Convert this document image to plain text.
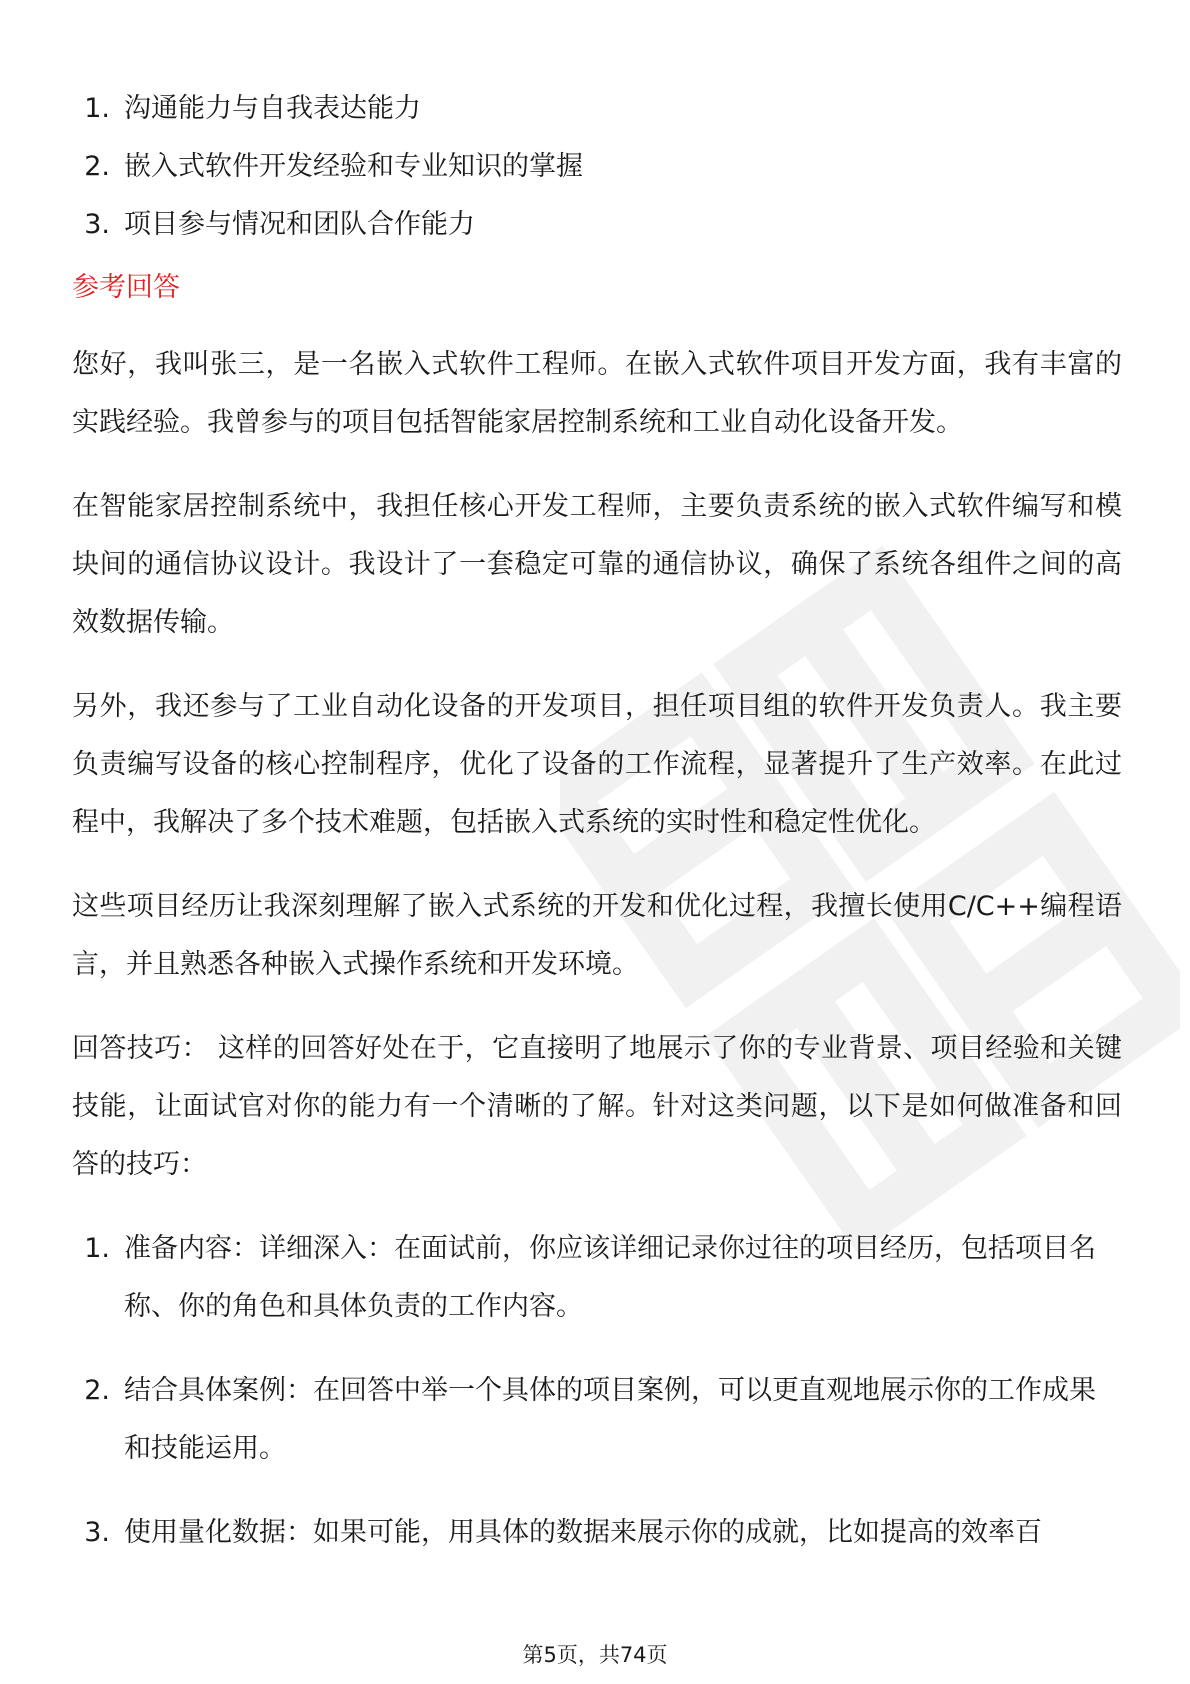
1. 沟通能力与自我表达能力
2. 嵌入式软件开发经验和专业知识的掌握
3. 项目参与情况和团队合作能力
参考回答

您好，我叫张三，是一名嵌入式软件工程师。在嵌入式软件项目开发方面，我有丰富的实践经验。我曾参与的项目包括智能家居控制系统和工业自动化设备开发。

在智能家居控制系统中，我担任核心开发工程师，主要负责系统的嵌入式软件编写和模块间的通信协议设计。我设计了一套稳定可靠的通信协议，确保了系统各组件之间的高效数据传输。

另外，我还参与了工业自动化设备的开发项目，担任项目组的软件开发负责人。我主要负责编写设备的核心控制程序，优化了设备的工作流程，显著提升了生产效率。在此过程中，我解决了多个技术难题，包括嵌入式系统的实时性和稳定性优化。

这些项目经历让我深刻理解了嵌入式系统的开发和优化过程，我擅长使用C/C++编程语言，并且熟悉各种嵌入式操作系统和开发环境。

回答技巧： 这样的回答好处在于，它直接明了地展示了你的专业背景、项目经验和关键技能，让面试官对你的能力有一个清晰的了解。针对这类问题，以下是如何做准备和回答的技巧：

1. 准备内容：详细深入：在面试前，你应该详细记录你过往的项目经历，包括项目名称、你的角色和具体负责的工作内容。
2. 结合具体案例：在回答中举一个具体的项目案例，可以更直观地展示你的工作成果和技能运用。
3. 使用量化数据：如果可能，用具体的数据来展示你的成就，比如提高的效率百
第5页，共74页
